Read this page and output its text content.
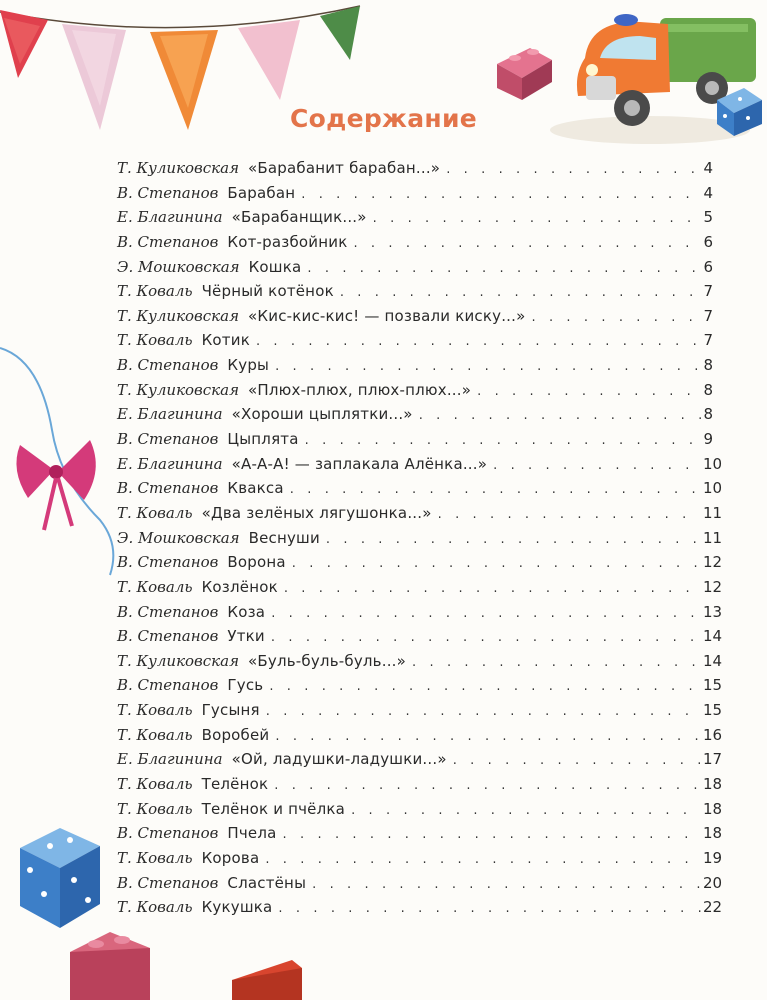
Содержание
Т. Куликовская «Барабанит барабан...» . . .	4
В. Степанов Барабан . . .	4
Е. Благинина «Барабанщик...» . . .	5
В. Степанов Кот-разбойник . . .	6
Э. Мошковская Кошка . . .	6
Т. Коваль Чёрный котёнок . . .	7
Т. Куликовская «Кис-кис-кис! — позвали киску...» . . .	7
Т. Коваль Котик . . .	7
В. Степанов Куры . . .	8
Т. Куликовская «Плюх-плюх, плюх-плюх...» . . .	8
Е. Благинина «Хороши цыплятки...» . . .	8
В. Степанов Цыплята . . .	9
Е. Благинина «А-А-А! — заплакала Алёнка...» . . .	10
В. Степанов Квакса . . .	10
Т. Коваль «Два зелёных лягушонка...» . . .	11
Э. Мошковская Веснуши . . .	11
В. Степанов Ворона . . .	12
Т. Коваль Козлёнок . . .	12
В. Степанов Коза . . .	13
В. Степанов Утки . . .	14
Т. Куликовская «Буль-буль-буль...» . . .	14
В. Степанов Гусь . . .	15
Т. Коваль Гусыня . . .	15
Т. Коваль Воробей . . .	16
Е. Благинина «Ой, ладушки-ладушки...» . . .	17
Т. Коваль Телёнок . . .	18
Т. Коваль Телёнок и пчёлка . . .	18
В. Степанов Пчела . . .	18
Т. Коваль Корова . . .	19
В. Степанов Сластёны . . .	20
Т. Коваль Кукушка . . .	22
